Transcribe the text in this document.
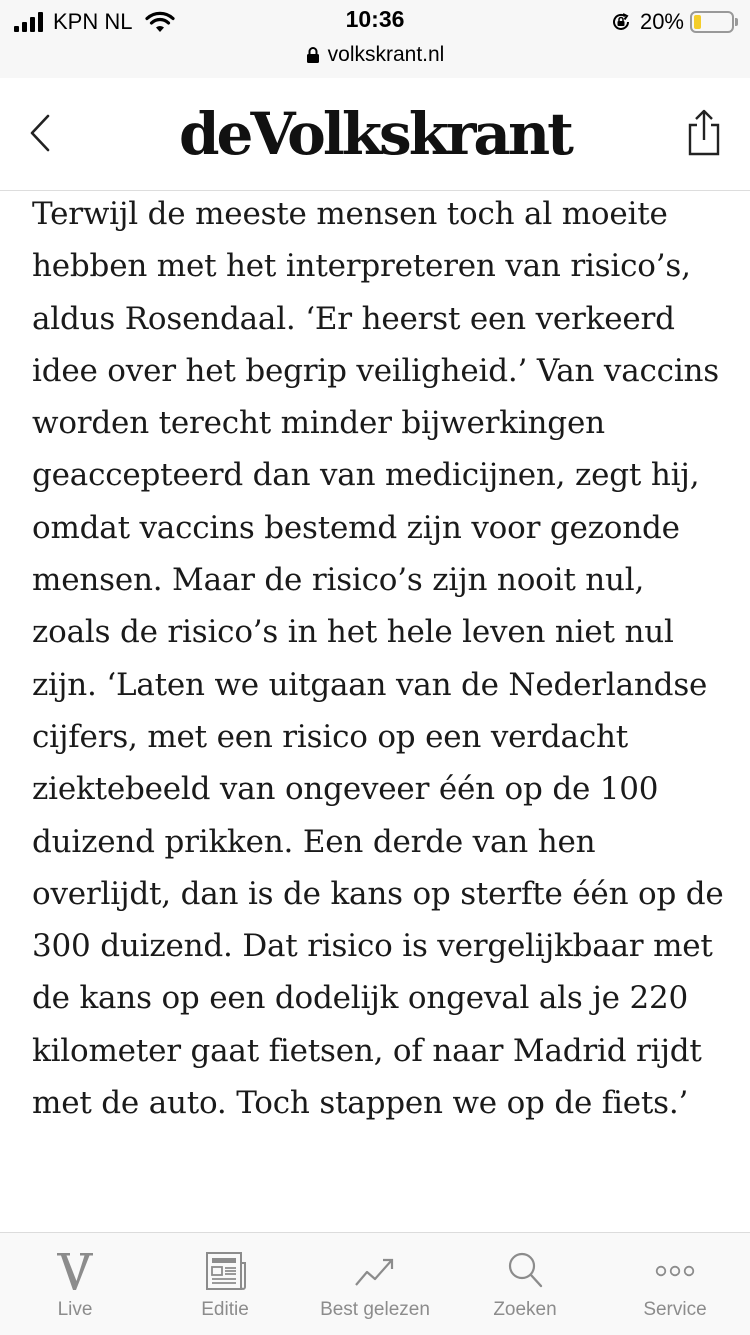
KPN NL	10:36	20%
volkskrant.nl
deVolkskrant

Terwijl de meeste mensen toch al moeite hebben met het interpreteren van risico’s, aldus Rosendaal. ‘Er heerst een verkeerd idee over het begrip veiligheid.’ Van vaccins worden terecht minder bijwerkingen geaccepteerd dan van medicijnen, zegt hij, omdat vaccins bestemd zijn voor gezonde mensen. Maar de risico’s zijn nooit nul, zoals de risico’s in het hele leven niet nul zijn. ‘Laten we uitgaan van de Nederlandse cijfers, met een risico op een verdacht ziektebeeld van ongeveer één op de 100 duizend prikken. Een derde van hen overlijdt, dan is de kans op sterfte één op de 300 duizend. Dat risico is vergelijkbaar met de kans op een dodelijk ongeval als je 220 kilometer gaat fietsen, of naar Madrid rijdt met de auto. Toch stappen we op de fiets.’

Live	Editie	Best gelezen	Zoeken	Service
